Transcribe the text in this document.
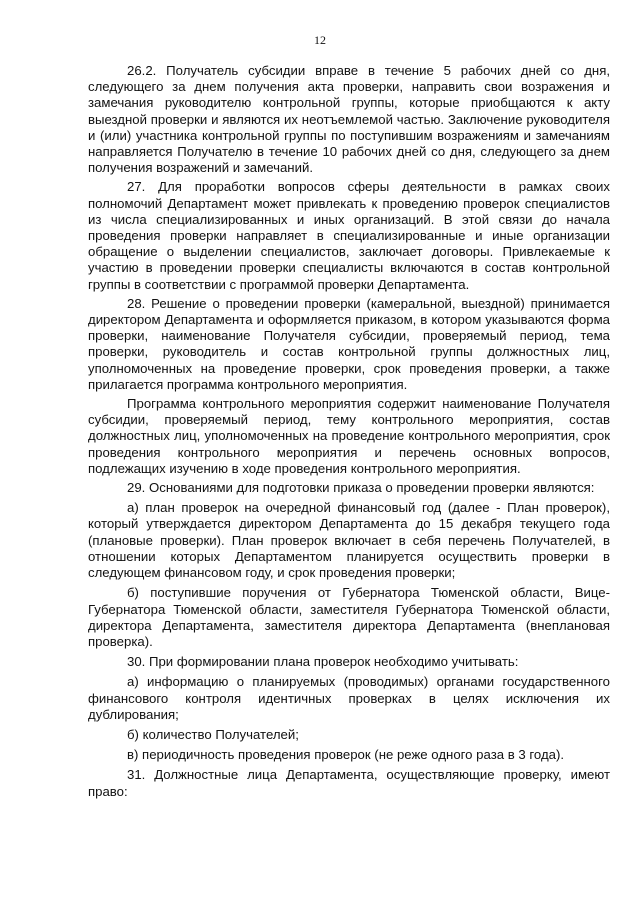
12

26.2. Получатель субсидии вправе в течение 5 рабочих дней со дня, следующего за днем получения акта проверки, направить свои возражения и замечания руководителю контрольной группы, которые приобщаются к акту выездной проверки и являются их неотъемлемой частью. Заключение руководителя и (или) участника контрольной группы по поступившим возражениям и замечаниям направляется Получателю в течение 10 рабочих дней со дня, следующего за днем получения возражений и замечаний.

27. Для проработки вопросов сферы деятельности в рамках своих полномочий Департамент может привлекать к проведению проверок специалистов из числа специализированных и иных организаций. В этой связи до начала проведения проверки направляет в специализированные и иные организации обращение о выделении специалистов, заключает договоры. Привлекаемые к участию в проведении проверки специалисты включаются в состав контрольной группы в соответствии с программой проверки Департамента.

28. Решение о проведении проверки (камеральной, выездной) принимается директором Департамента и оформляется приказом, в котором указываются форма проверки, наименование Получателя субсидии, проверяемый период, тема проверки, руководитель и состав контрольной группы должностных лиц, уполномоченных на проведение проверки, срок проведения проверки, а также прилагается программа контрольного мероприятия.

Программа контрольного мероприятия содержит наименование Получателя субсидии, проверяемый период, тему контрольного мероприятия, состав должностных лиц, уполномоченных на проведение контрольного мероприятия, срок проведения контрольного мероприятия и перечень основных вопросов, подлежащих изучению в ходе проведения контрольного мероприятия.

29. Основаниями для подготовки приказа о проведении проверки являются:

а) план проверок на очередной финансовый год (далее - План проверок), который утверждается директором Департамента до 15 декабря текущего года (плановые проверки). План проверок включает в себя перечень Получателей, в отношении которых Департаментом планируется осуществить проверки в следующем финансовом году, и срок проведения проверки;

б) поступившие поручения от Губернатора Тюменской области, Вице-Губернатора Тюменской области, заместителя Губернатора Тюменской области, директора Департамента, заместителя директора Департамента (внеплановая проверка).

30. При формировании плана проверок необходимо учитывать:

а) информацию о планируемых (проводимых) органами государственного финансового контроля идентичных проверках в целях исключения их дублирования;

б) количество Получателей;

в) периодичность проведения проверок (не реже одного раза в 3 года).

31. Должностные лица Департамента, осуществляющие проверку, имеют право:
